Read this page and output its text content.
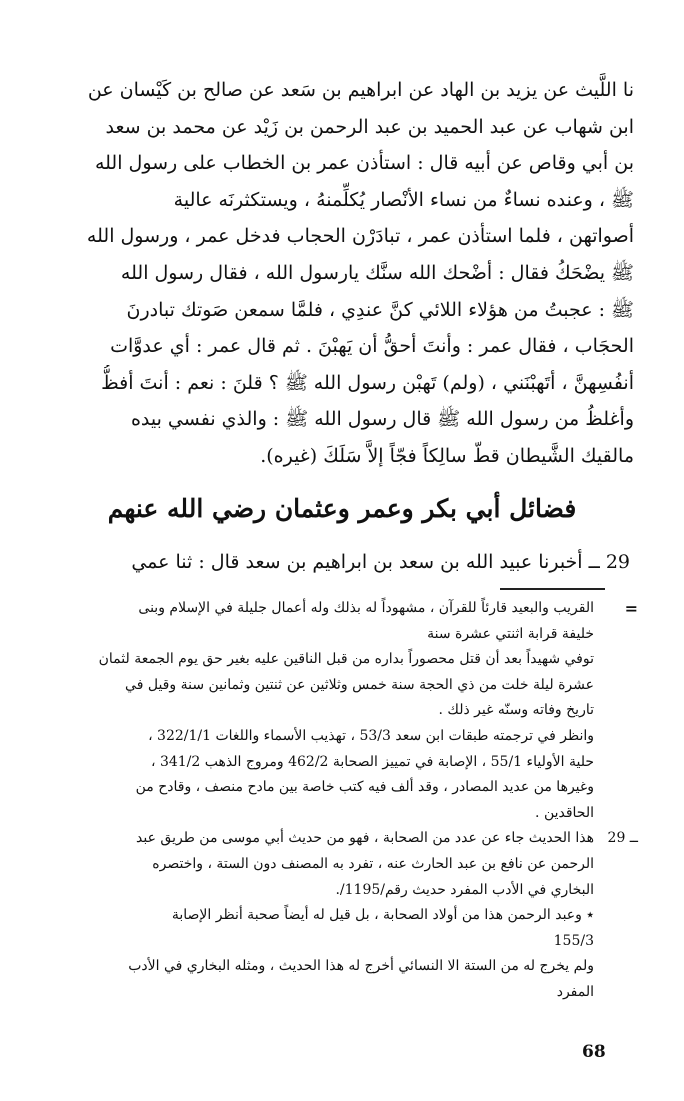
نا اللَّيث عن يزيد بن الهاد عن ابراهيم بن سَعد عن صالح بن كَيْسان عن
ابن شهاب عن عبد الحميد بن عبد الرحمن بن زَيْد عن محمد بن سعد
بن أبي وقاص عن أبيه قال : استأذن عمر بن الخطاب على رسول الله
ﷺ ، وعنده نساءٌ من نساء الأنْصار يُكلِّمنهُ ، ويستكثرنَه عالية
أصواتهن ، فلما استأذن عمر ، تبادَرْن الحجاب فدخل عمر ، ورسول الله
ﷺ يضْحَكُ فقال : أضْحك الله سنَّك يارسول الله ، فقال رسول الله
ﷺ : عجبتُ من هؤلاء اللائي كنَّ عندِي ، فلمَّا سمعن صَوتك تبادرنَ
الحجَاب ، فقال عمر : وأنتَ أحقُّ أن يَهبْنَ . ثم قال عمر : أي عدوَّات
أنفُسِهنَّ ، أتَهبْنَني ، (ولم) تَهبْن رسول الله ﷺ ؟ قلنَ : نعم : أنتَ أفظُّ
وأغلظُ من رسول الله ﷺ قال رسول الله ﷺ : والذي نفسي بيده
مالقيك الشَّيطان قطّ سالِكاً فجّاً إلاَّ سَلَكَ (غيره).
فضائل أبي بكر وعمر وعثمان رضي الله عنهم
29 ــ أخبرنا عبيد الله بن سعد بن ابراهيم بن سعد قال : ثنا عمي
=
القريب والبعيد قارئاً للقرآن ، مشهوداً له بذلك وله أعمال جليلة في الإسلام وبنى
خليفة قرابة اثنتي عشرة سنة
توفي شهيداً بعد أن قتل محصوراً بداره من قبل الناقين عليه بغير حق يوم الجمعة لثمان
عشرة ليلة خلت من ذي الحجة سنة خمس وثلاثين عن ثنتين وثمانين سنة وقيل في
تاريخ وفاته وسنّه غير ذلك .
وانظر في ترجمته طبقات ابن سعد 53/3 ، تهذيب الأسماء واللغات 322/1/1 ،
حلية الأولياء 55/1 ، الإصابة في تمييز الصحابة 462/2 ومروج الذهب 341/2 ،
وغيرها من عديد المصادر ، وقد ألف فيه كتب خاصة بين مادح منصف ، وقادح من
الحاقدين .
29 ــ
هذا الحديث جاء عن عدد من الصحابة ، فهو من حديث أبي موسى من طريق عبد
الرحمن عن نافع بن عبد الحارث عنه ، تفرد به المصنف دون الستة ، واختصره
البخاري في الأدب المفرد حديث رقم/1195/.
٭ وعبد الرحمن هذا من أولاد الصحابة ، بل قيل له أيضاً صحبة أنظر الإصابة
155/3
ولم يخرج له من الستة الا النسائي أخرج له هذا الحديث ، ومثله البخاري في الأدب
المفرد
68
